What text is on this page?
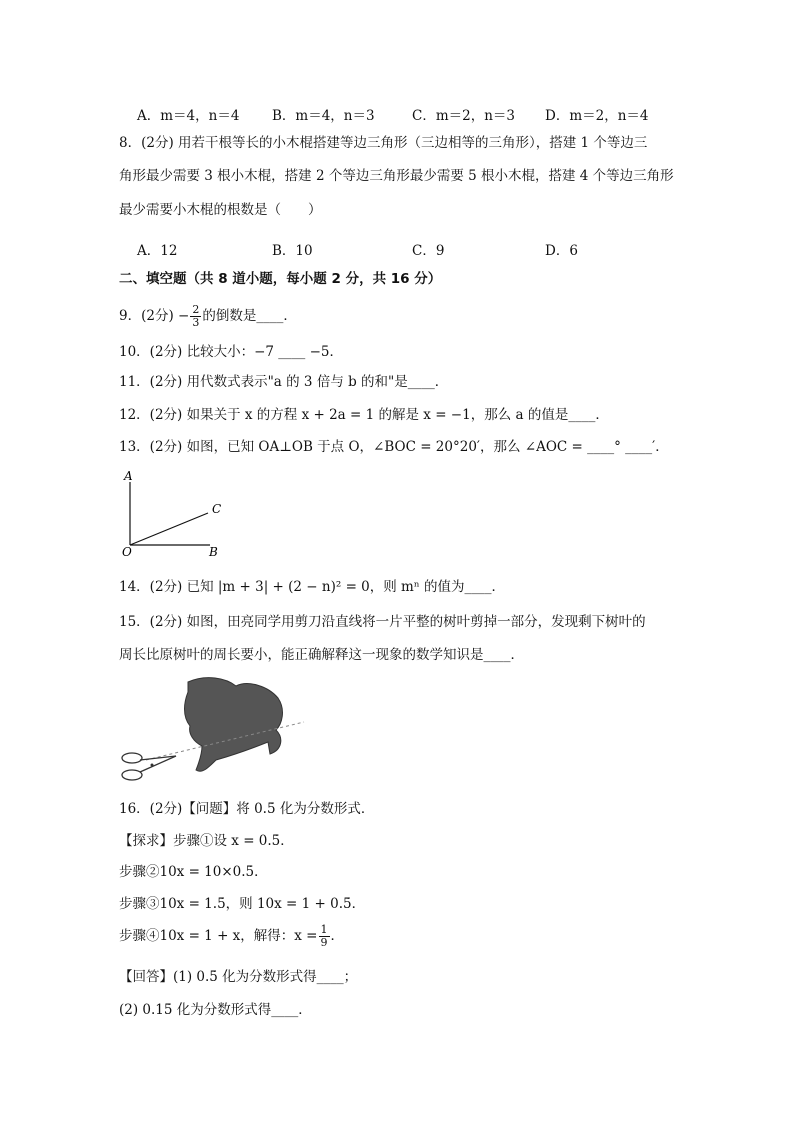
A．m＝4，n＝4 B．m＝4，n＝3	C．m＝2，n＝3 D．m＝2，n＝4
8．(2分) 用若干根等长的小木棍搭建等边三角形（三边相等的三角形），搭建 1 个等边三
角形最少需要 3 根小木棍，搭建 2 个等边三角形最少需要 5 根小木棍，搭建 4 个等边三角形
最少需要小木棍的根数是（　　）
A．12	B．10	C．9	D．6
二、填空题（共 8 道小题，每小题 2 分，共 16 分）
9．(2分) − $\frac{2}{3}$ 的倒数是____．
10．(2分) 比较大小：−7 ____ −5．
11．(2分) 用代数式表示"a 的 3 倍与 b 的和"是____．
12．(2分) 如果关于 x 的方程 x + 2a = 1 的解是 x = −1，那么 a 的值是____．
13．(2分) 如图，已知 OA⊥OB 于点 O，∠BOC = 20°20′，那么 ∠AOC = ____° ____′．
A
C
O	B
14．(2分) 已知 |m + 3| + (2 − n)² = 0，则 mⁿ 的值为____．
15．(2分) 如图，田亮同学用剪刀沿直线将一片平整的树叶剪掉一部分，发现剩下树叶的
周长比原树叶的周长要小，能正确解释这一现象的数学知识是____．
16．(2分)【问题】将 0.5̇ 化为分数形式．
【探求】步骤①设 x = 0.5̇．
步骤②10x = 10×0.5̇．
步骤③10x = 1.5̇，则 10x = 1 + 0.5̇．
步骤④10x = 1 + x，解得：$x = \frac{1}{9}$ ．
【回答】(1) 0.5̇ 化为分数形式得____；
(2) 0.15̇ 化为分数形式得____．
